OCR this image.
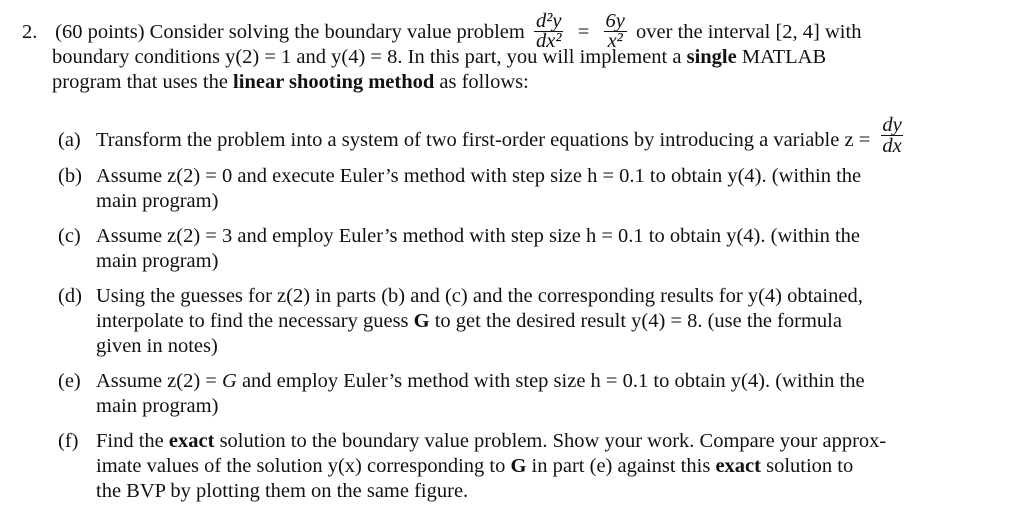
2. (60 points) Consider solving the boundary value problem $\frac{\text{d²y}}{\text{dx²}} = \frac{6y}{\text{x²}}$ over the interval [2, 4] with
boundary conditions y(2) = 1 and y(4) = 8. In this part, you will implement a single MATLAB
program that uses the linear shooting method as follows:
(a) Transform the problem into a system of two first-order equations by introducing a variable $z = \frac{dy}{dx}$
(b) Assume z(2) = 0 and execute Euler’s method with step size h = 0.1 to obtain y(4). (within the
main program)
(c) Assume z(2) = 3 and employ Euler’s method with step size h = 0.1 to obtain y(4). (within the
main program)
(d) Using the guesses for z(2) in parts (b) and (c) and the corresponding results for y(4) obtained,
interpolate to find the necessary guess G to get the desired result y(4) = 8. (use the formula
given in notes)
(e) Assume z(2) = G and employ Euler’s method with step size h = 0.1 to obtain y(4). (within the
main program)
(f) Find the exact solution to the boundary value problem. Show your work. Compare your approx-
imate values of the solution y(x) corresponding to G in part (e) against this exact solution to
the BVP by plotting them on the same figure.
